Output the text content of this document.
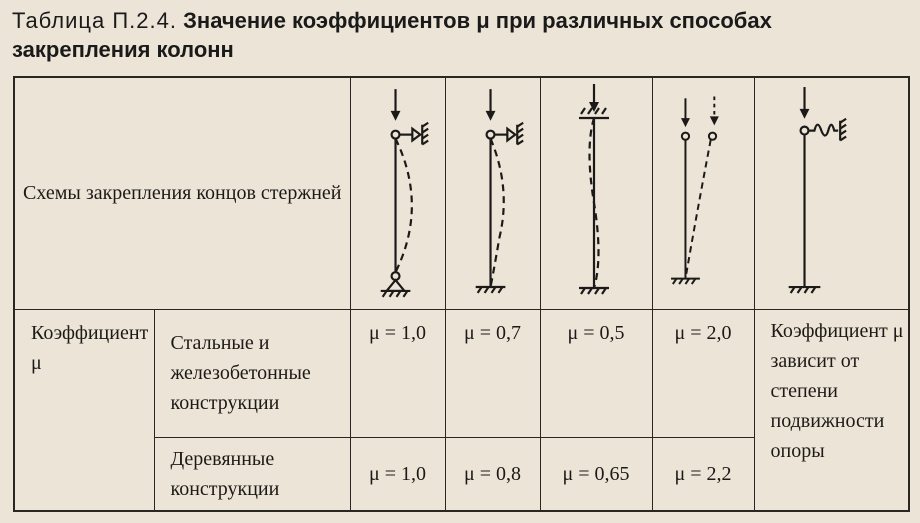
Таблица П.2.4. Значение коэффициентов μ при различных способах закрепления колонн
Схемы закрепления концов стержней	

Коэффициент μ	Стальные и железобетонные конструкции	μ = 1,0	μ = 0,7	μ = 0,5	μ = 2,0	Коэффициент μ зависит от степени подвижности опоры
	Деревянные конструкции	μ = 1,0	μ = 0,8	μ = 0,65	μ = 2,2	
